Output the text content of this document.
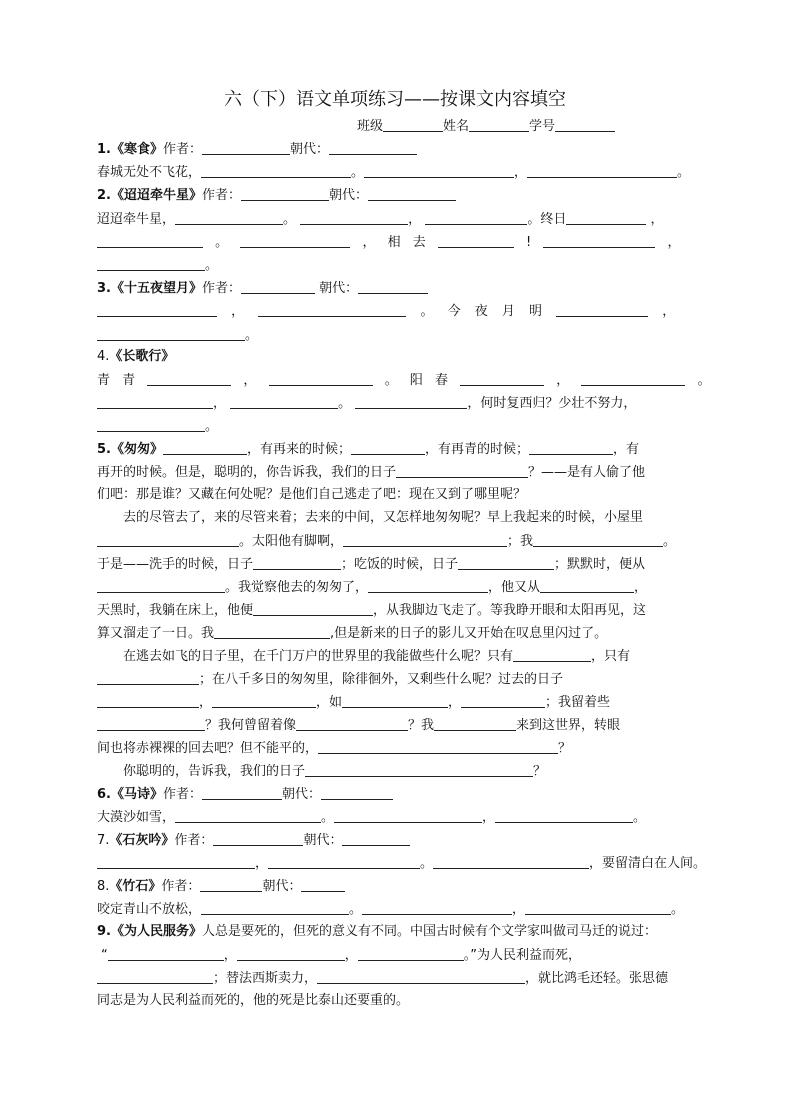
六（下）语文单项练习——按课文内容填空
班级	姓名	学号
1.《寒食》作者：	朝代：
春城无处不飞花，	。	，	。
2.《迢迢牵牛星》作者：	朝代：
迢迢牵牛星，	。	，	。终日	，
。	， 相 去	!	，
。
3.《十五夜望月》作者：	朝代：
，	。 今 夜 月 明	，
。
4.《长歌行》
青 青	，	。 阳 春	，	。
，	。	，何时复西归？少壮不努力，
。
5.《匆匆》	，有再来的时候；	，有再青的时候；	，有
再开的时候。但是，聪明的，你告诉我，我们的日子	？——是有人偷了他
们吧：那是谁？又藏在何处呢？是他们自己逃走了吧：现在又到了哪里呢？
去的尽管去了，来的尽管来着；去来的中间，又怎样地匆匆呢？早上我起来的时候，小屋里
。太阳他有脚啊，	；我	。
于是——洗手的时候，日子	；吃饭的时候，日子	；默默时，便从
。我觉察他去的匆匆了，	，他又从	，
天黑时，我躺在床上，他便	，从我脚边飞走了。等我睁开眼和太阳再见，这
算又溜走了一日。我	,但是新来的日子的影儿又开始在叹息里闪过了。
在逃去如飞的日子里，在千门万户的世界里的我能做些什么呢？只有	，只有
；在八千多日的匆匆里，除徘徊外，又剩些什么呢？过去的日子
，	，如	，	；我留着些
？我何曾留着像	？我	来到这世界，转眼
间也将赤裸裸的回去吧？但不能平的，	？
你聪明的，告诉我，我们的日子	？
6.《马诗》作者：	朝代：
大漠沙如雪，	。	，	。
7.《石灰吟》作者：	朝代：
，	。	，要留清白在人间。
8.《竹石》作者：	朝代：
咬定青山不放松，	。	，	。
9.《为人民服务》人总是要死的，但死的意义有不同。中国古时候有个文学家叫做司马迁的说过：
“	，	，	。”为人民利益而死，
；替法西斯卖力，	，就比鸿毛还轻。张思德
同志是为人民利益而死的，他的死是比泰山还要重的。
